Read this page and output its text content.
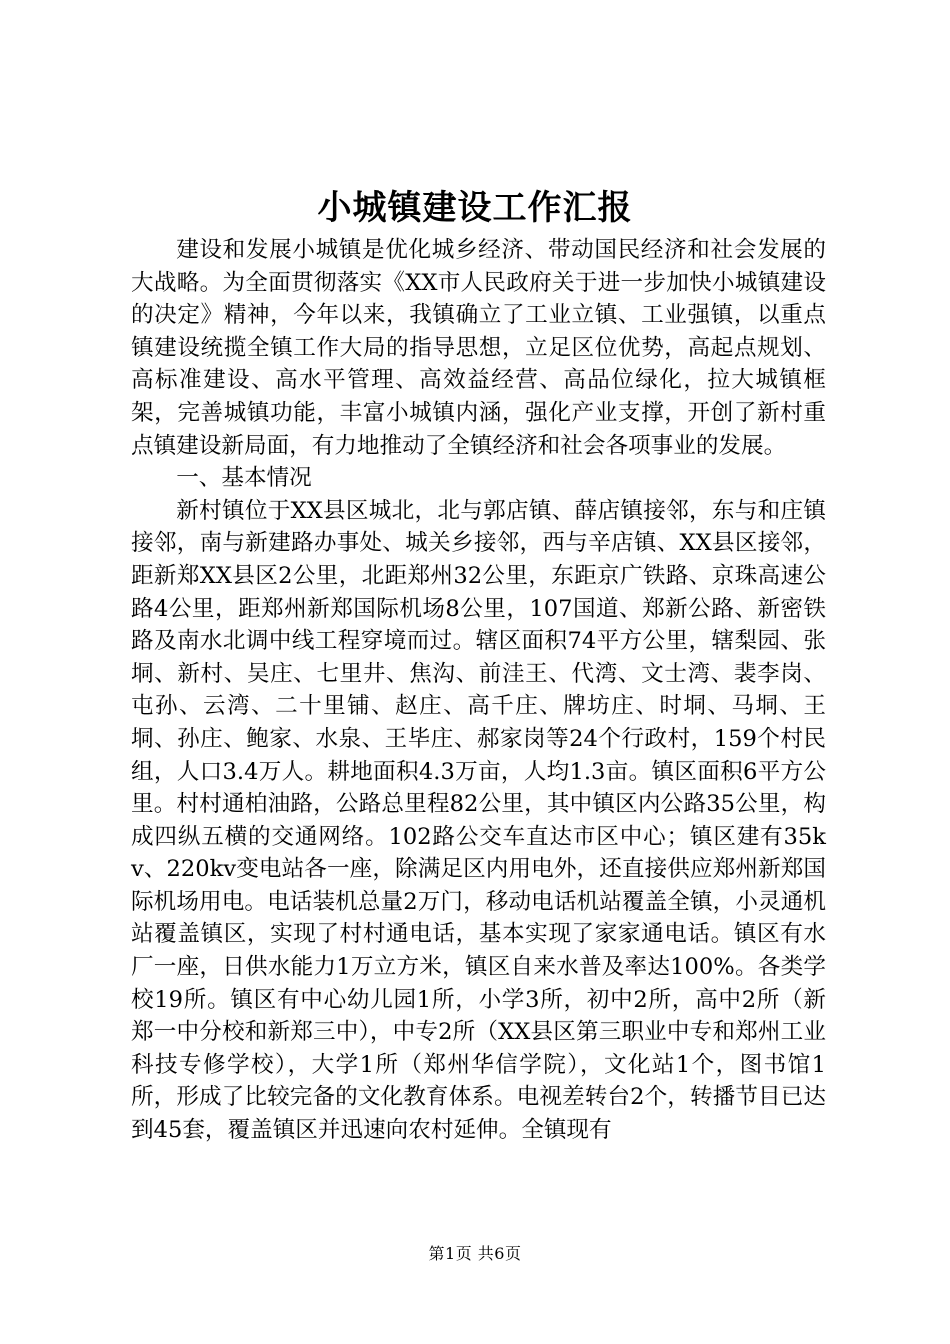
小城镇建设工作汇报

建设和发展小城镇是优化城乡经济、带动国民经济和社会发展的大战略。为全面贯彻落实《XX市人民政府关于进一步加快小城镇建设的决定》精神，今年以来，我镇确立了工业立镇、工业强镇，以重点镇建设统揽全镇工作大局的指导思想，立足区位优势，高起点规划、高标准建设、高水平管理、高效益经营、高品位绿化，拉大城镇框架，完善城镇功能，丰富小城镇内涵，强化产业支撑，开创了新村重点镇建设新局面，有力地推动了全镇经济和社会各项事业的发展。

一、基本情况

新村镇位于XX县区城北，北与郭店镇、薛店镇接邻，东与和庄镇接邻，南与新建路办事处、城关乡接邻，西与辛店镇、XX县区接邻，距新郑XX县区2公里，北距郑州32公里，东距京广铁路、京珠高速公路4公里，距郑州新郑国际机场8公里，107国道、郑新公路、新密铁路及南水北调中线工程穿境而过。辖区面积74平方公里，辖梨园、张垌、新村、吴庄、七里井、焦沟、前洼王、代湾、文士湾、裴李岗、屯孙、云湾、二十里铺、赵庄、高千庄、牌坊庄、时垌、马垌、王垌、孙庄、鲍家、水泉、王毕庄、郝家岗等24个行政村，159个村民组，人口3.4万人。耕地面积4.3万亩，人均1.3亩。镇区面积6平方公里。村村通柏油路，公路总里程82公里，其中镇区内公路35公里，构成四纵五横的交通网络。102路公交车直达市区中心；镇区建有35kv、220kv变电站各一座，除满足区内用电外，还直接供应郑州新郑国际机场用电。电话装机总量2万门，移动电话机站覆盖全镇，小灵通机站覆盖镇区，实现了村村通电话，基本实现了家家通电话。镇区有水厂一座，日供水能力1万立方米，镇区自来水普及率达100%。各类学校19所。镇区有中心幼儿园1所，小学3所，初中2所，高中2所（新郑一中分校和新郑三中），中专2所（XX县区第三职业中专和郑州工业科技专修学校），大学1所（郑州华信学院），文化站1个，图书馆1所，形成了比较完备的文化教育体系。电视差转台2个，转播节目已达到45套，覆盖镇区并迅速向农村延伸。全镇现有

第1页 共6页
